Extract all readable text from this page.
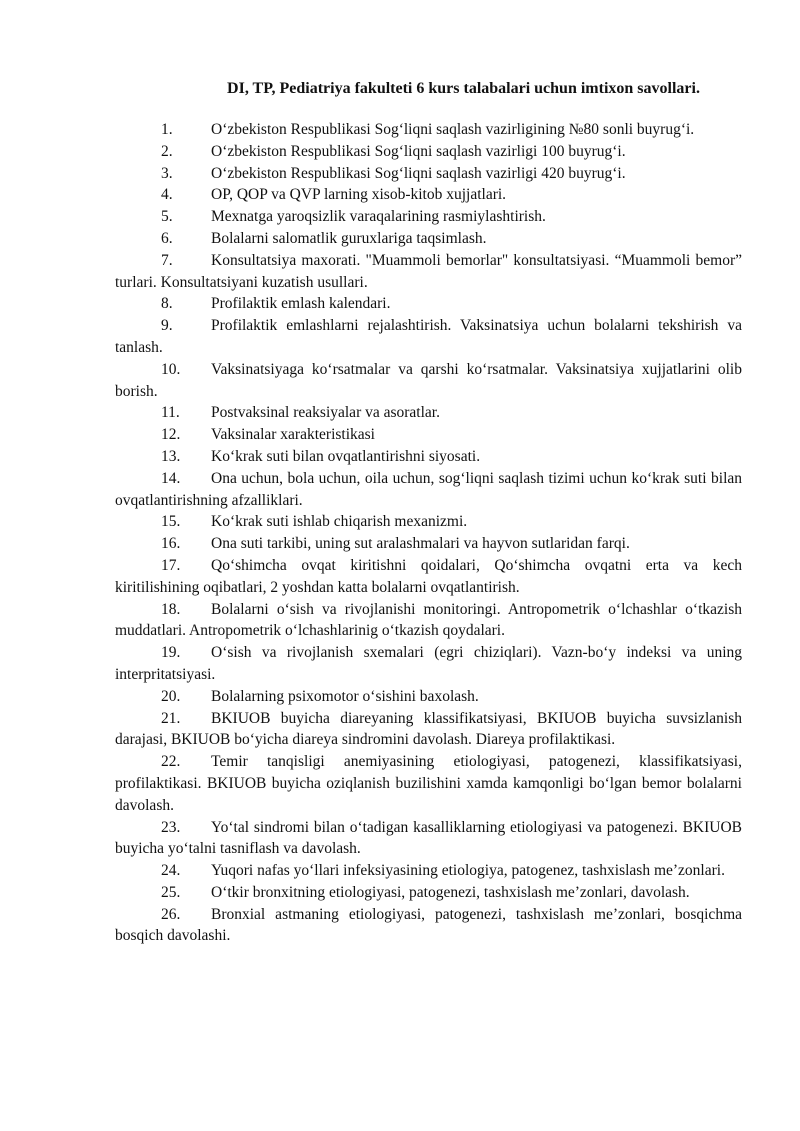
DI, TP, Pediatriya fakulteti 6 kurs talabalari uchun imtixon savollari.
1. O‘zbekiston Respublikasi Sog‘liqni saqlash vazirligining №80 sonli buyrug‘i.
2. O‘zbekiston Respublikasi Sog‘liqni saqlash vazirligi 100 buyrug‘i.
3. O‘zbekiston Respublikasi Sog‘liqni saqlash vazirligi 420 buyrug‘i.
4. OP, QOP va QVP larning xisob-kitob xujjatlari.
5. Mexnatga yaroqsizlik varaqalarining rasmiylashtirish.
6. Bolalarni salomatlik guruxlariga taqsimlash.
7. Konsultatsiya maxorati. "Muammoli bemorlar" konsultatsiyasi. “Muammoli bemor” turlari. Konsultatsiyani kuzatish usullari.
8. Profilaktik emlash kalendari.
9. Profilaktik emlashlarni rejalashtirish. Vaksinatsiya uchun bolalarni tekshirish va tanlash.
10. Vaksinatsiyaga ko‘rsatmalar va qarshi ko‘rsatmalar. Vaksinatsiya xujjatlarini olib borish.
11. Postvaksinal reaksiyalar va asoratlar.
12. Vaksinalar xarakteristikasi
13. Ko‘krak suti bilan ovqatlantirishni siyosati.
14. Ona uchun, bola uchun, oila uchun, sog‘liqni saqlash tizimi uchun ko‘krak suti bilan ovqatlantirishning afzalliklari.
15. Ko‘krak suti ishlab chiqarish mexanizmi.
16. Ona suti tarkibi, uning sut aralashmalari va hayvon sutlaridan farqi.
17. Qo‘shimcha ovqat kiritishni qoidalari, Qo‘shimcha ovqatni erta va kech kiritilishining oqibatlari, 2 yoshdan katta bolalarni ovqatlantirish.
18. Bolalarni o‘sish va rivojlanishi monitoringi. Antropometrik o‘lchashlar o‘tkazish muddatlari. Antropometrik o‘lchashlarinig o‘tkazish qoydalari.
19. O‘sish va rivojlanish sxemalari (egri chiziqlari). Vazn-bo‘y indeksi va uning interpritatsiyasi.
20. Bolalarning psixomotor o‘sishini baxolash.
21. BKIUOB buyicha diareyaning klassifikatsiyasi, BKIUOB buyicha suvsizlanish darajasi, BKIUOB bo‘yicha diareya sindromini davolash. Diareya profilaktikasi.
22. Temir tanqisligi anemiyasining etiologiyasi, patogenezi, klassifikatsiyasi, profilaktikasi. BKIUOB buyicha oziqlanish buzilishini xamda kamqonligi bo‘lgan bemor bolalarni davolash.
23. Yo‘tal sindromi bilan o‘tadigan kasalliklarning etiologiyasi va patogenezi. BKIUOB buyicha yo‘talni tasniflash va davolash.
24. Yuqori nafas yo‘llari infeksiyasining etiologiya, patogenez, tashxislash me’zonlari.
25. O‘tkir bronxitning etiologiyasi, patogenezi, tashxislash me’zonlari, davolash.
26. Bronxial astmaning etiologiyasi, patogenezi, tashxislash me’zonlari, bosqichma bosqich davolashi.
